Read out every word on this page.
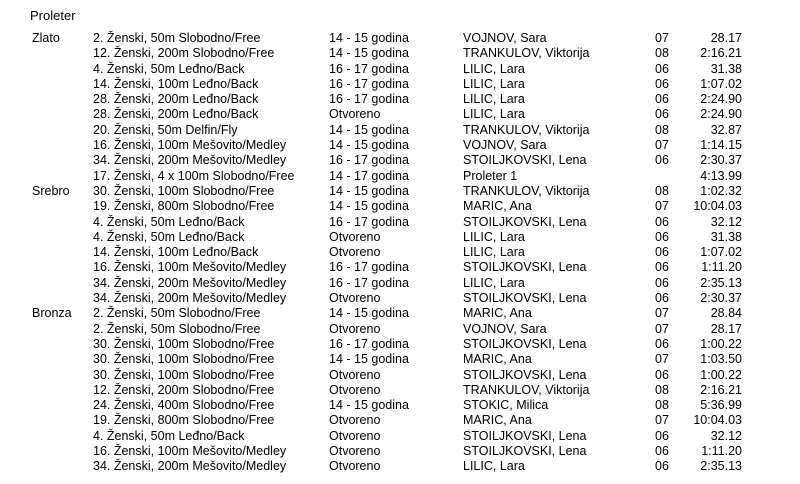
Proleter
Zlato	2. Ženski, 50m Slobodno/Free	14 - 15 godina	VOJNOV, Sara	07	28.17
12. Ženski, 200m Slobodno/Free	14 - 15 godina	TRANKULOV, Viktorija	08	2:16.21
4. Ženski, 50m Leđno/Back	16 - 17 godina	LILIC, Lara	06	31.38
14. Ženski, 100m Leđno/Back	16 - 17 godina	LILIC, Lara	06	1:07.02
28. Ženski, 200m Leđno/Back	16 - 17 godina	LILIC, Lara	06	2:24.90
28. Ženski, 200m Leđno/Back	Otvoreno	LILIC, Lara	06	2:24.90
20. Ženski, 50m Delfin/Fly	14 - 15 godina	TRANKULOV, Viktorija	08	32.87
16. Ženski, 100m Mešovito/Medley	14 - 15 godina	VOJNOV, Sara	07	1:14.15
34. Ženski, 200m Mešovito/Medley	16 - 17 godina	STOILJKOVSKI, Lena	06	2:30.37
17. Ženski, 4 x 100m Slobodno/Free	14 - 17 godina	Proleter 1	4:13.99
Srebro 30. Ženski, 100m Slobodno/Free	14 - 15 godina	TRANKULOV, Viktorija	08	1:02.32
19. Ženski, 800m Slobodno/Free	14 - 15 godina	MARIC, Ana	07 10:04.03
4. Ženski, 50m Leđno/Back	16 - 17 godina	STOILJKOVSKI, Lena	06	32.12
4. Ženski, 50m Leđno/Back	Otvoreno	LILIC, Lara	06	31.38
14. Ženski, 100m Leđno/Back	Otvoreno	LILIC, Lara	06	1:07.02
16. Ženski, 100m Mešovito/Medley	16 - 17 godina	STOILJKOVSKI, Lena	06	1:11.20
34. Ženski, 200m Mešovito/Medley	16 - 17 godina	LILIC, Lara	06	2:35.13
34. Ženski, 200m Mešovito/Medley	Otvoreno	STOILJKOVSKI, Lena	06	2:30.37
Bronza 2. Ženski, 50m Slobodno/Free	14 - 15 godina	MARIC, Ana	07	28.84
2. Ženski, 50m Slobodno/Free	Otvoreno	VOJNOV, Sara	07	28.17
30. Ženski, 100m Slobodno/Free	16 - 17 godina	STOILJKOVSKI, Lena	06	1:00.22
30. Ženski, 100m Slobodno/Free	14 - 15 godina	MARIC, Ana	07	1:03.50
30. Ženski, 100m Slobodno/Free	Otvoreno	STOILJKOVSKI, Lena	06	1:00.22
12. Ženski, 200m Slobodno/Free	Otvoreno	TRANKULOV, Viktorija	08	2:16.21
24. Ženski, 400m Slobodno/Free	14 - 15 godina	STOKIC, Milica	08	5:36.99
19. Ženski, 800m Slobodno/Free	Otvoreno	MARIC, Ana	07 10:04.03
4. Ženski, 50m Leđno/Back	Otvoreno	STOILJKOVSKI, Lena	06	32.12
16. Ženski, 100m Mešovito/Medley	Otvoreno	STOILJKOVSKI, Lena	06	1:11.20
34. Ženski, 200m Mešovito/Medley	Otvoreno	LILIC, Lara	06	2:35.13
